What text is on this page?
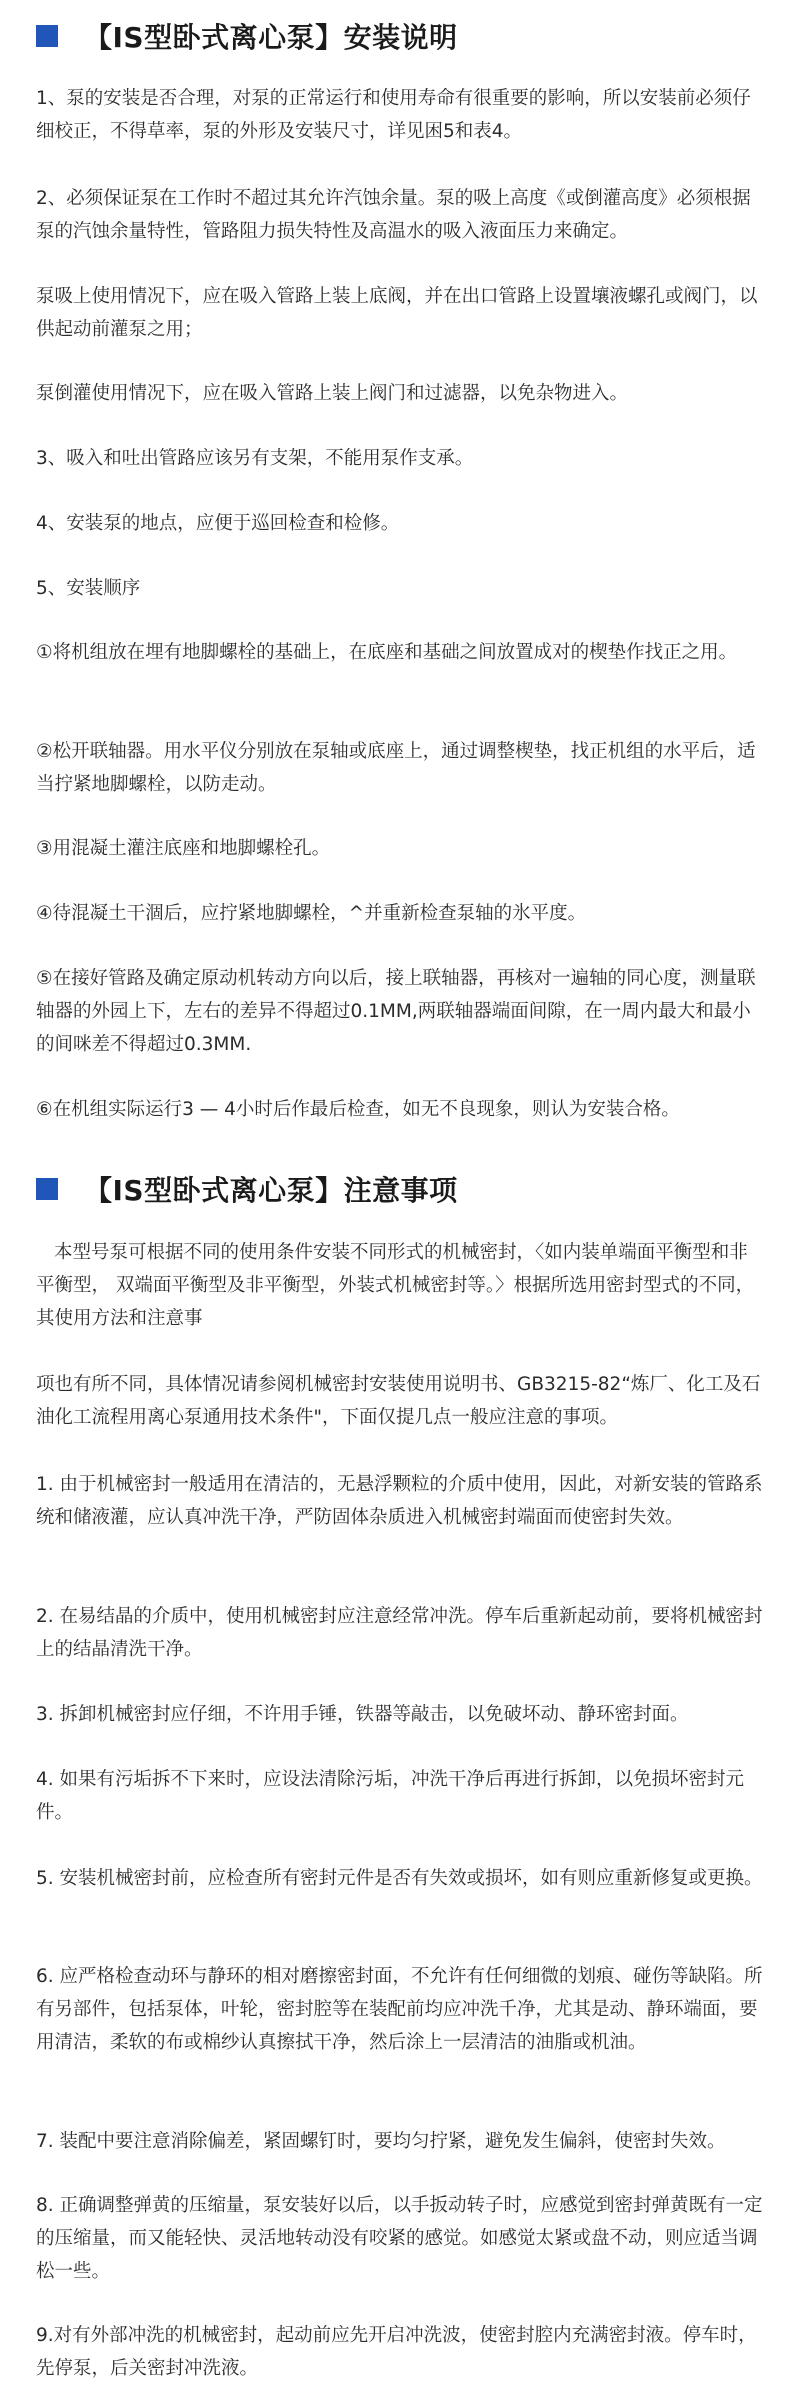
【IS型卧式离心泵】安装说明

1、泵的安装是否合理，对泵的正常运行和使用寿命有很重要的影响，所以安装前必须仔细校正，不得草率，泵的外形及安装尺寸，详见困5和表4。

2、必须保证泵在工作时不超过其允许汽蚀余量。泵的吸上高度《或倒灌高度》必须根据泵的汽蚀余量特性，管路阻力损失特性及高温水的吸入液面压力来确定。

泵吸上使用情况下，应在吸入管路上装上底阀，并在出口管路上设置壤液螺孔或阀门，以供起动前灌泵之用；

泵倒灌使用情况下，应在吸入管路上装上阀门和过滤器，以免杂物进入。

3、吸入和吐出管路应该另有支架，不能用泵作支承。

4、安装泵的地点，应便于巡回检查和检修。

5、安装顺序

①将机组放在埋有地脚螺栓的基础上，在底座和基础之间放置成对的楔垫作找正之用。

②松开联轴器。用水平仪分别放在泵轴或底座上，通过调整楔垫，找正机组的水平后，适当拧紧地脚螺栓，以防走动。

③用混凝土灌注底座和地脚螺栓孔。

④待混凝土干涸后，应拧紧地脚螺栓，^并重新检查泵轴的氷平度。

⑤在接好管路及确定原动机转动方向以后，接上联轴器，再核对一遍轴的同心度，测量联轴器的外园上下，左右的差异不得超过0.1MM,两联轴器端面间隙，在一周内最大和最小的间咪差不得超过0.3MM.

⑥在机组实际运行3 — 4小时后作最后检查，如无不良现象，则认为安装合格。

【IS型卧式离心泵】注意事项

本型号泵可根据不同的使用条件安装不同形式的机械密封，〈如内装单端面平衡型和非平衡型， 双端面平衡型及非平衡型，外装式机械密封等。〉根据所选用密封型式的不同，其使用方法和注意事

项也有所不同，具体情况请参阅机械密封安装使用说明书、GB3215-82“炼厂、化工及石油化工流程用离心泵通用技术条件"，下面仅提几点一般应注意的事项。

1. 由于机械密封一般适用在清洁的，无悬浮颗粒的介质中使用，因此，对新安装的管路系统和储液灌，应认真冲洗干净，严防固体杂质进入机械密封端面而使密封失效。

2. 在易结晶的介质中，使用机械密封应注意经常冲洗。停车后重新起动前，要将机械密封上的结晶清洗干净。

3. 拆卸机械密封应仔细，不许用手锤，铁器等敲击，以免破坏动、静环密封面。

4. 如果有污垢拆不下来时，应设法清除污垢，冲洗干净后再进行拆卸，以免损坏密封元件。

5. 安装机械密封前，应检查所有密封元件是否有失效或损坏，如有则应重新修复或更换。

6. 应严格检查动环与静环的相对磨擦密封面，不允许有任何细微的划痕、碰伤等缺陷。所有另部件，包括泵体，叶轮，密封腔等在装配前均应冲洗千净，尤其是动、静环端面，要用清洁，柔软的布或棉纱认真擦拭干净，然后涂上一层清洁的油脂或机油。

7. 装配中要注意消除偏差，紧固螺钉时，要均匀拧紧，避免发生偏斜，使密封失效。

8. 正确调整弹黄的压缩量，泵安装好以后，以手扳动转子时，应感觉到密封弹黄既有一定的压缩量，而又能轻快、灵活地转动没有咬紧的感觉。如感觉太紧或盘不动，则应适当调松一些。

9.对有外部冲洗的机械密封，起动前应先开启冲洗波，使密封腔内充满密封液。停车时，先停泵，后关密封冲洗液。
